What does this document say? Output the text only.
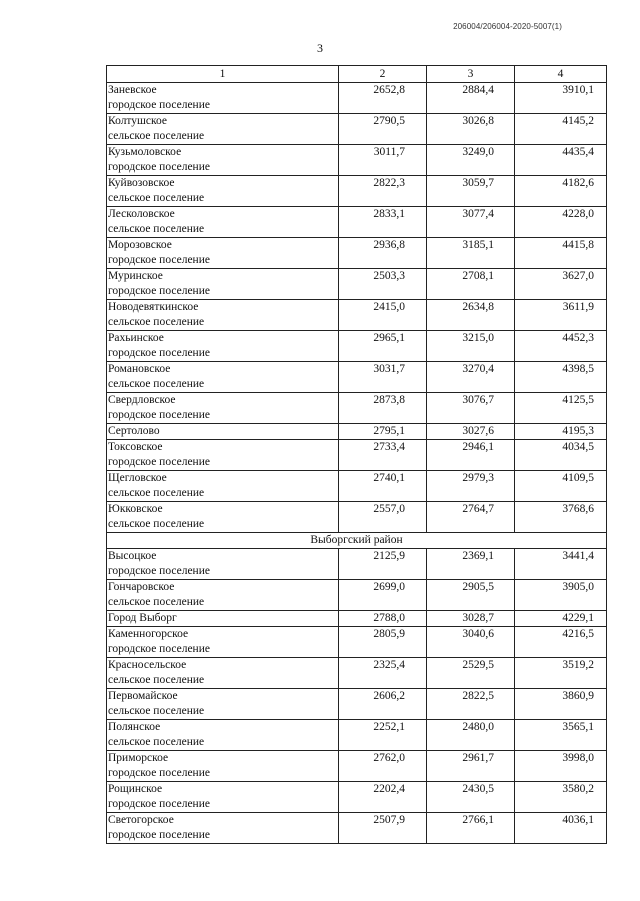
206004/206004-2020-5007(1)
3
1	2	3	4

Заневское
городское поселение	2652,8	2884,4	3910,1

Колтушское
сельское поселение	2790,5	3026,8	4145,2

Кузьмоловское
городское поселение	3011,7	3249,0	4435,4

Куйвозовское
сельское поселение	2822,3	3059,7	4182,6

Лесколовское
сельское поселение	2833,1	3077,4	4228,0

Морозовское
городское поселение	2936,8	3185,1	4415,8

Муринское
городское поселение	2503,3	2708,1	3627,0

Новодевяткинское
сельское поселение	2415,0	2634,8	3611,9

Рахьинское
городское поселение	2965,1	3215,0	4452,3

Романовское
сельское поселение	3031,7	3270,4	4398,5

Свердловское
городское поселение	2873,8	3076,7	4125,5

Сертолово	2795,1	3027,6	4195,3

Токсовское
городское поселение	2733,4	2946,1	4034,5

Щегловское
сельское поселение	2740,1	2979,3	4109,5

Юкковское
сельское поселение	2557,0	2764,7	3768,6
Выборгский район			

Высоцкое
городское поселение	2125,9	2369,1	3441,4

Гончаровское
сельское поселение	2699,0	2905,5	3905,0

Город Выборг	2788,0	3028,7	4229,1

Каменногорское
городское поселение	2805,9	3040,6	4216,5

Красносельское
сельское поселение	2325,4	2529,5	3519,2

Первомайское
сельское поселение	2606,2	2822,5	3860,9

Полянское
сельское поселение	2252,1	2480,0	3565,1

Приморское
городское поселение	2762,0	2961,7	3998,0

Рощинское
городское поселение	2202,4	2430,5	3580,2

Светогорское
городское поселение	2507,9	2766,1	4036,1
